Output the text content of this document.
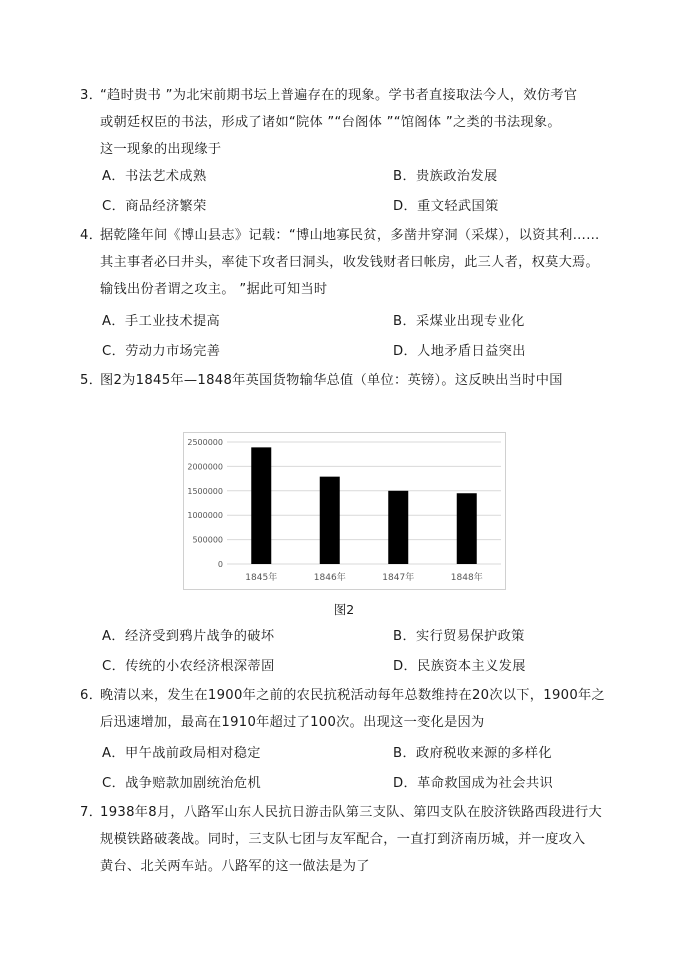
3．“趋时贵书 ”为北宋前期书坛上普遍存在的现象。学书者直接取法今人，效仿考官
或朝廷权臣的书法，形成了诸如“院体 ”“台阁体 ”“馆阁体 ”之类的书法现象。
这一现象的出现缘于
A．书法艺术成熟	B．贵族政治发展
C．商品经济繁荣	D．重文轻武国策
4．据乾隆年间《博山县志》记载：“博山地寡民贫，多凿井穿洞（采煤），以资其利……
其主事者必曰井头，率徒下攻者曰洞头，收发钱财者曰帐房，此三人者，权莫大焉。
输钱出份者谓之攻主。 ”据此可知当时
A．手工业技术提高	B．采煤业出现专业化
C．劳动力市场完善	D．人地矛盾日益突出
5．图2为1845年—1848年英国货物输华总值（单位：英镑）。这反映出当时中国
0
500000
1000000
1500000
2000000
2500000
1845年	1846年	1847年	1848年
图2
A．经济受到鸦片战争的破坏	B．实行贸易保护政策
C．传统的小农经济根深蒂固	D．民族资本主义发展
6．晚清以来，发生在1900年之前的农民抗税活动每年总数维持在20次以下，1900年之
后迅速增加，最高在1910年超过了100次。出现这一变化是因为
A．甲午战前政局相对稳定	B．政府税收来源的多样化
C．战争赔款加剧统治危机	D．革命救国成为社会共识
7．1938年8月，八路军山东人民抗日游击队第三支队、第四支队在胶济铁路西段进行大
规模铁路破袭战。同时，三支队七团与友军配合，一直打到济南历城，并一度攻入
黄台、北关两车站。八路军的这一做法是为了
